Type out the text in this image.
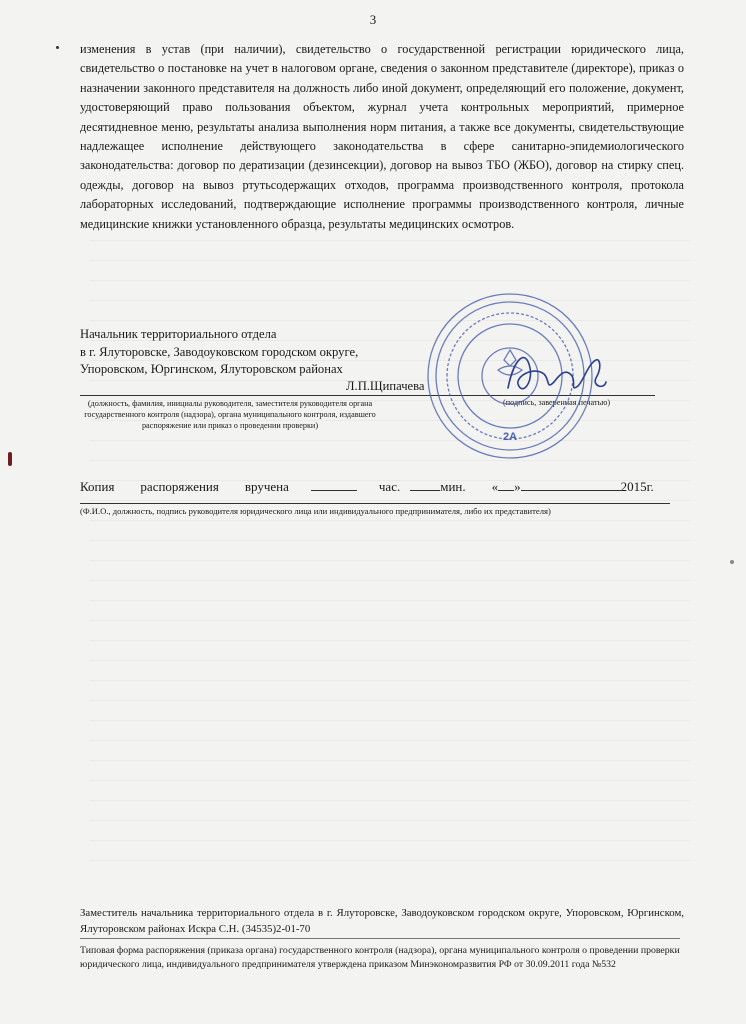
3

изменения в устав (при наличии), свидетельство о государственной регистрации юридического лица, свидетельство о постановке на учет в налоговом органе, сведения о законном представителе (директоре), приказ о назначении законного представителя на должность либо иной документ, определяющий его положение, документ, удостоверяющий право пользования объектом, журнал учета контрольных мероприятий, примерное десятидневное меню, результаты анализа выполнения норм питания, а также все документы, свидетельствующие надлежащее исполнение действующего законодательства в сфере санитарно-эпидемиологического законодательства: договор по дератизации (дезинсекции), договор на вывоз ТБО (ЖБО), договор на стирку спец. одежды, договор на вывоз ртутьсодержащих отходов, программа производственного контроля, протокола лабораторных исследований, подтверждающие исполнение программы производственного контроля, личные медицинские книжки установленного образца, результаты медицинских осмотров.

Начальник территориального отдела
в г. Ялуторовске, Заводоуковском городском округе,
Упоровском, Юргинском, Ялуторовском районах
Л.П.Щипачева
(должность, фамилия, инициалы руководителя, заместителя руководителя органа государственного контроля (надзора), органа муниципального контроля, издавшего распоряжение или приказ о проведении проверки)
(подпись, заверенная печатью)
2А
Копия распоряжения вручена	час.	мин. « »	2015г.
(Ф.И.О., должность, подпись руководителя юридического лица или индивидуального предпринимателя, либо их представителя)
Заместитель начальника территориального отдела в г. Ялуторовске, Заводоуковском городском округе, Упоровском, Юргинском, Ялуторовском районах Искра С.Н. (34535)2-01-70
Типовая форма распоряжения (приказа органа) государственного контроля (надзора), органа муниципального контроля о проведении проверки юридического лица, индивидуального предпринимателя утверждена приказом Минэкономразвития РФ от 30.09.2011 года №532
